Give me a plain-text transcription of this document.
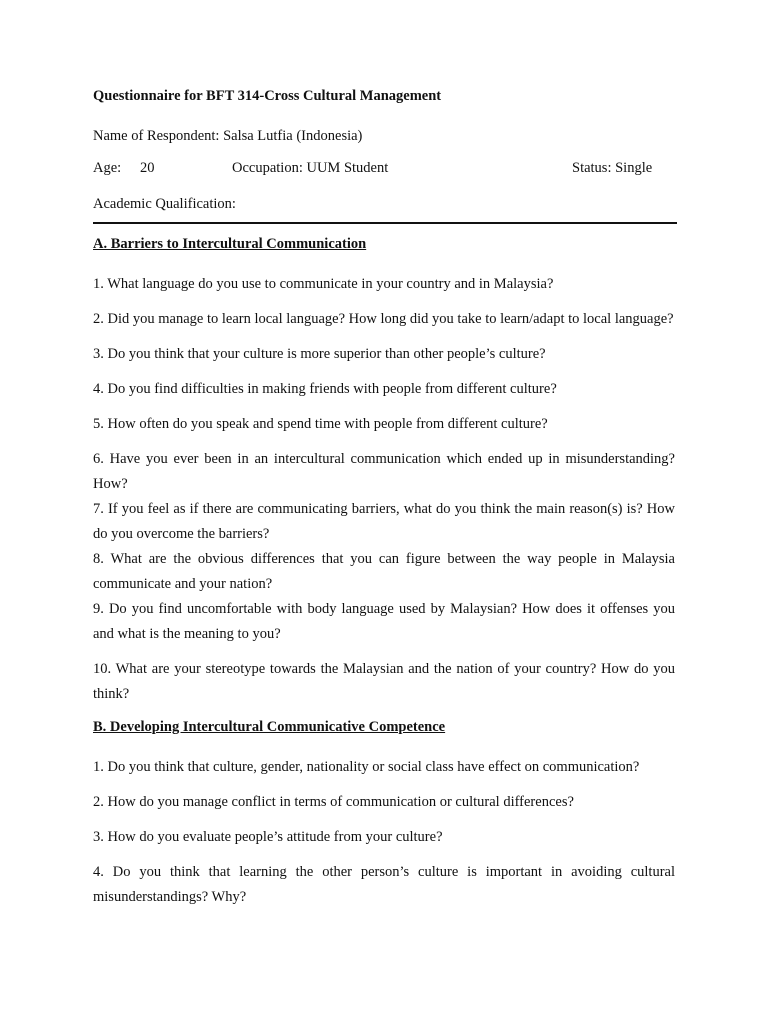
Questionnaire for BFT 314-Cross Cultural Management
Name of Respondent: Salsa Lutfia (Indonesia)
Age: 20	Occupation: UUM Student	Status: Single
Academic Qualification:
A. Barriers to Intercultural Communication
1. What language do you use to communicate in your country and in Malaysia?
2. Did you manage to learn local language? How long did you take to learn/adapt to local language?
3. Do you think that your culture is more superior than other people’s culture?
4. Do you find difficulties in making friends with people from different culture?
5. How often do you speak and spend time with people from different culture?
6. Have you ever been in an intercultural communication which ended up in misunderstanding? How?
7. If you feel as if there are communicating barriers, what do you think the main reason(s) is? How do you overcome the barriers?
8. What are the obvious differences that you can figure between the way people in Malaysia communicate and your nation?
9. Do you find uncomfortable with body language used by Malaysian? How does it offenses you and what is the meaning to you?
10. What are your stereotype towards the Malaysian and the nation of your country? How do you think?
B. Developing Intercultural Communicative Competence
1. Do you think that culture, gender, nationality or social class have effect on communication?
2. How do you manage conflict in terms of communication or cultural differences?
3. How do you evaluate people’s attitude from your culture?
4. Do you think that learning the other person’s culture is important in avoiding cultural misunderstandings? Why?
